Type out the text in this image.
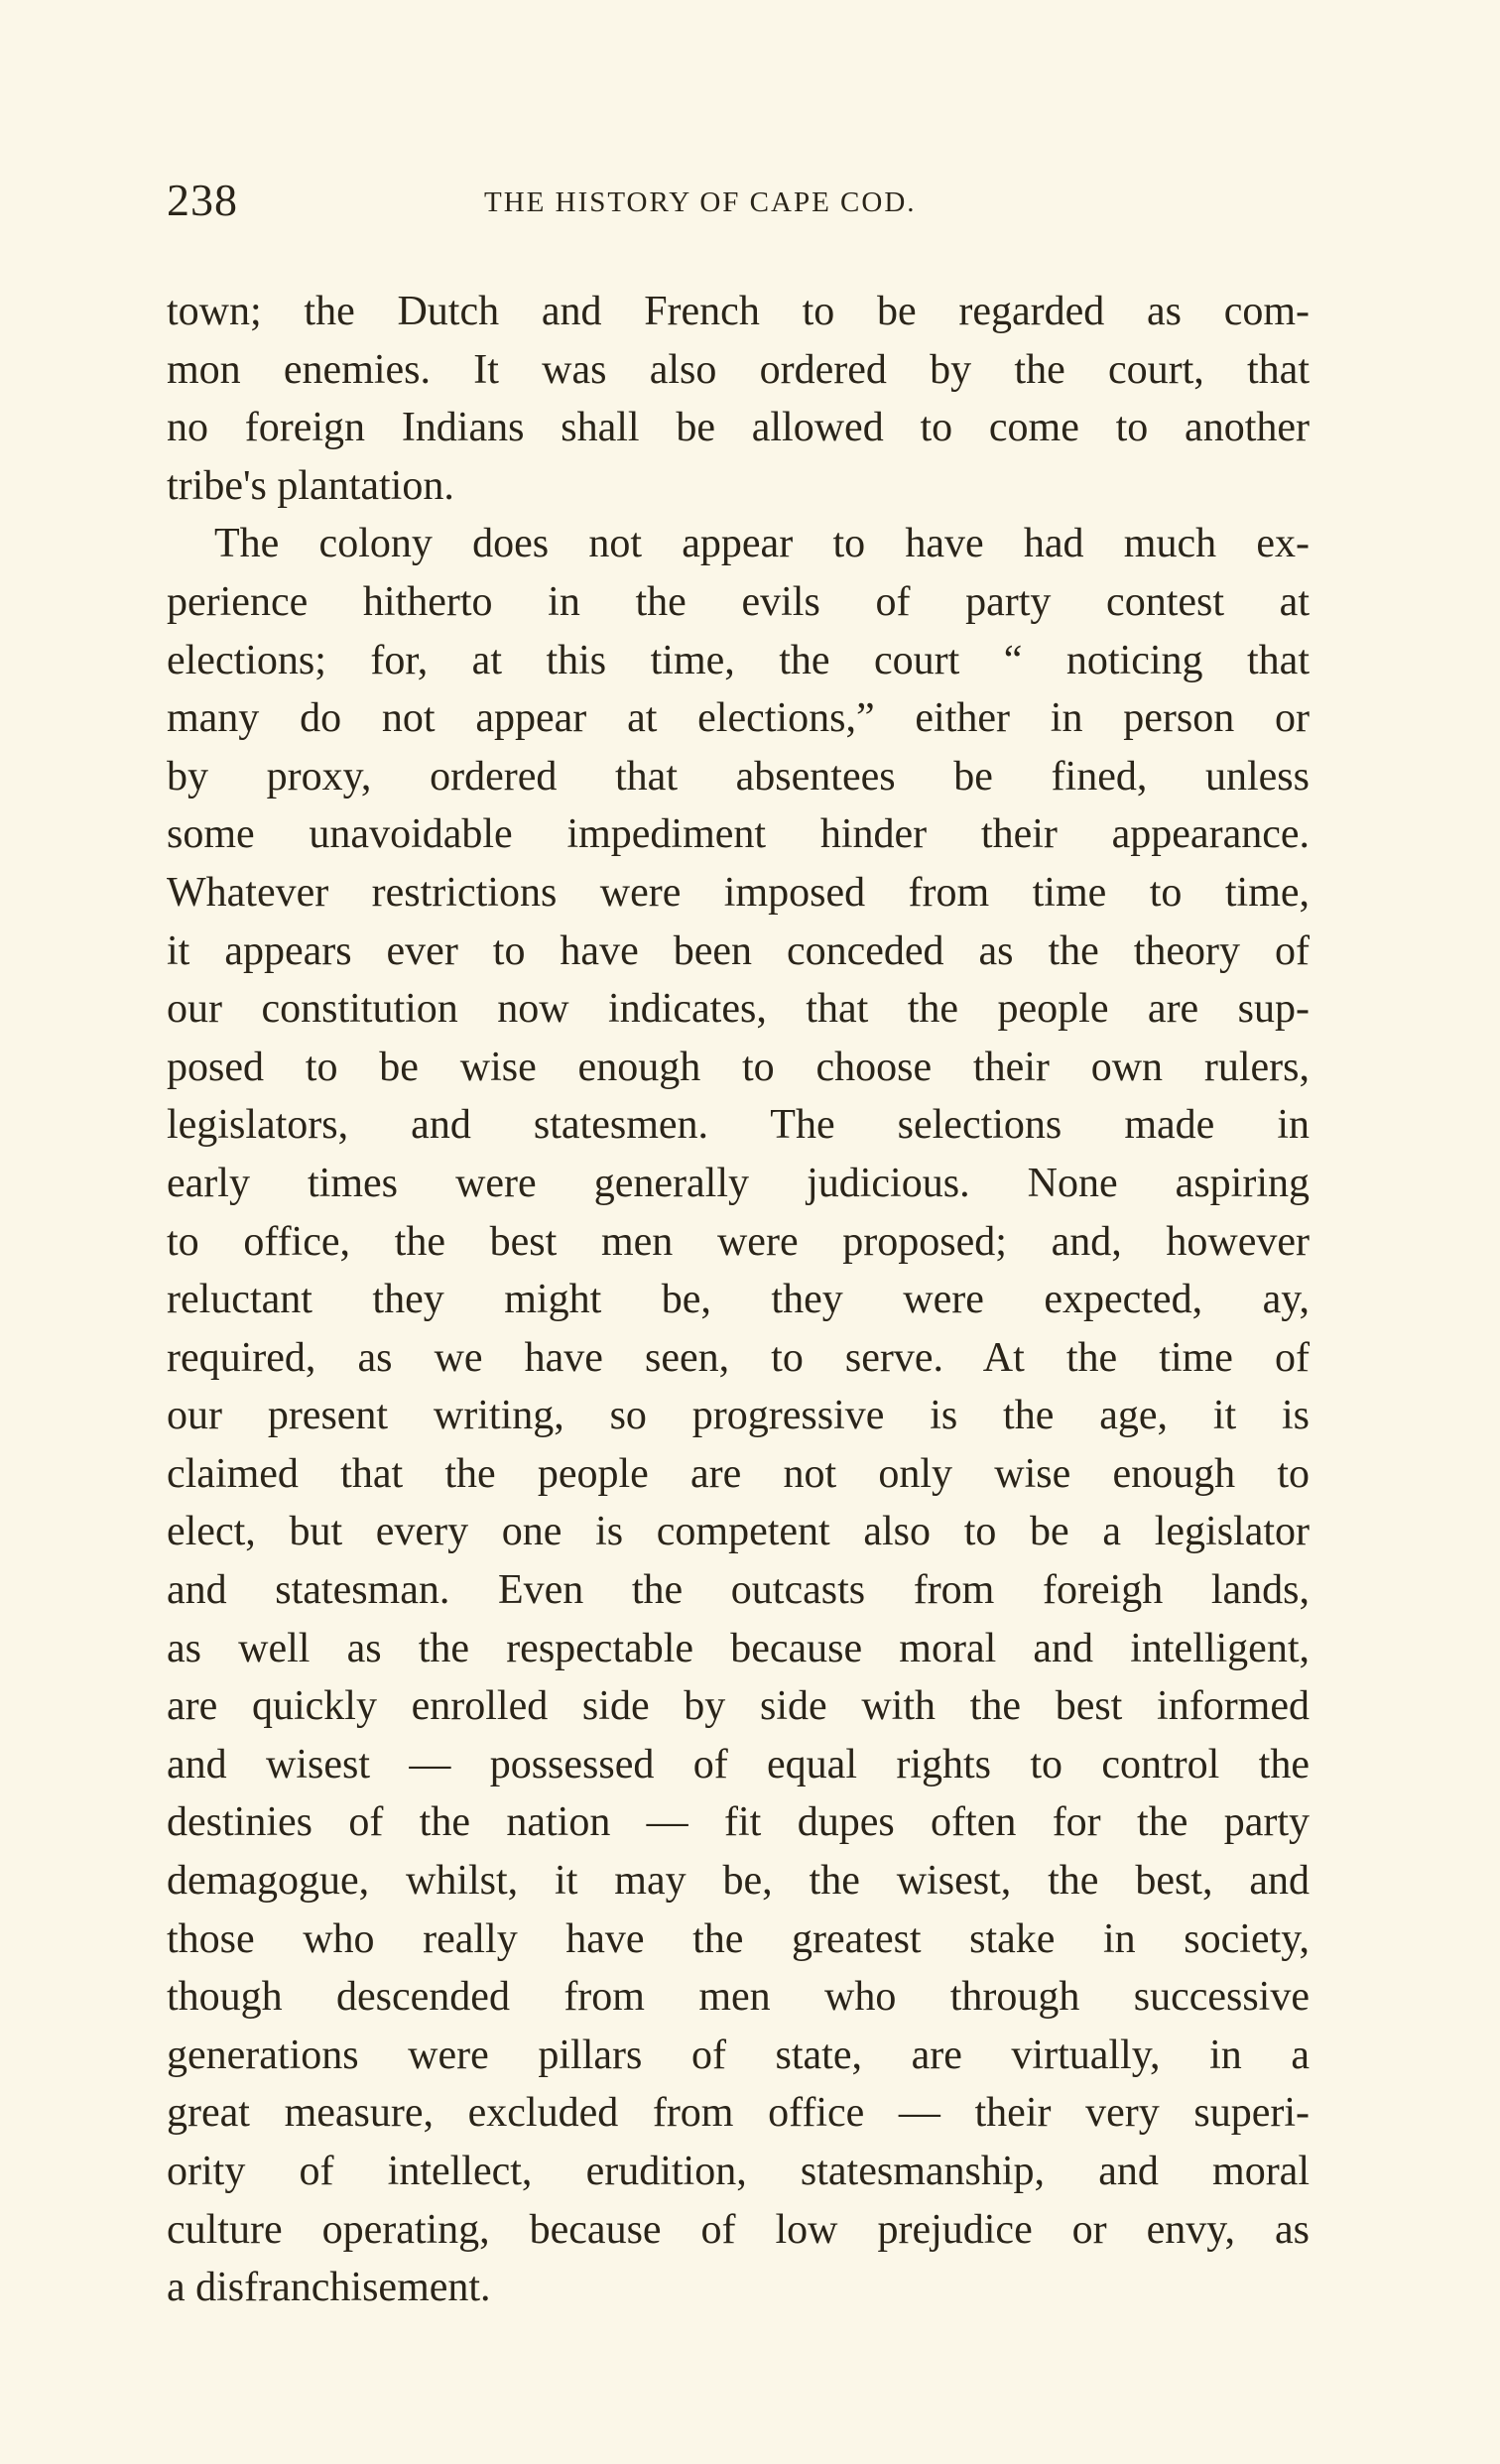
238	THE HISTORY OF CAPE COD.
town; the Dutch and French to be regarded as com-
mon enemies. It was also ordered by the court, that
no foreign Indians shall be allowed to come to another
tribe's plantation.
The colony does not appear to have had much ex-
perience hitherto in the evils of party contest at
elections; for, at this time, the court “ noticing that
many do not appear at elections,” either in person or
by proxy, ordered that absentees be fined, unless
some unavoidable impediment hinder their appearance.
Whatever restrictions were imposed from time to time,
it appears ever to have been conceded as the theory of
our constitution now indicates, that the people are sup-
posed to be wise enough to choose their own rulers,
legislators, and statesmen. The selections made in
early times were generally judicious. None aspiring
to office, the best men were proposed; and, however
reluctant they might be, they were expected, ay,
required, as we have seen, to serve. At the time of
our present writing, so progressive is the age, it is
claimed that the people are not only wise enough to
elect, but every one is competent also to be a legislator
and statesman. Even the outcasts from foreigh lands,
as well as the respectable because moral and intelligent,
are quickly enrolled side by side with the best informed
and wisest — possessed of equal rights to control the
destinies of the nation — fit dupes often for the party
demagogue, whilst, it may be, the wisest, the best, and
those who really have the greatest stake in society,
though descended from men who through successive
generations were pillars of state, are virtually, in a
great measure, excluded from office — their very superi-
ority of intellect, erudition, statesmanship, and moral
culture operating, because of low prejudice or envy, as
a disfranchisement.
